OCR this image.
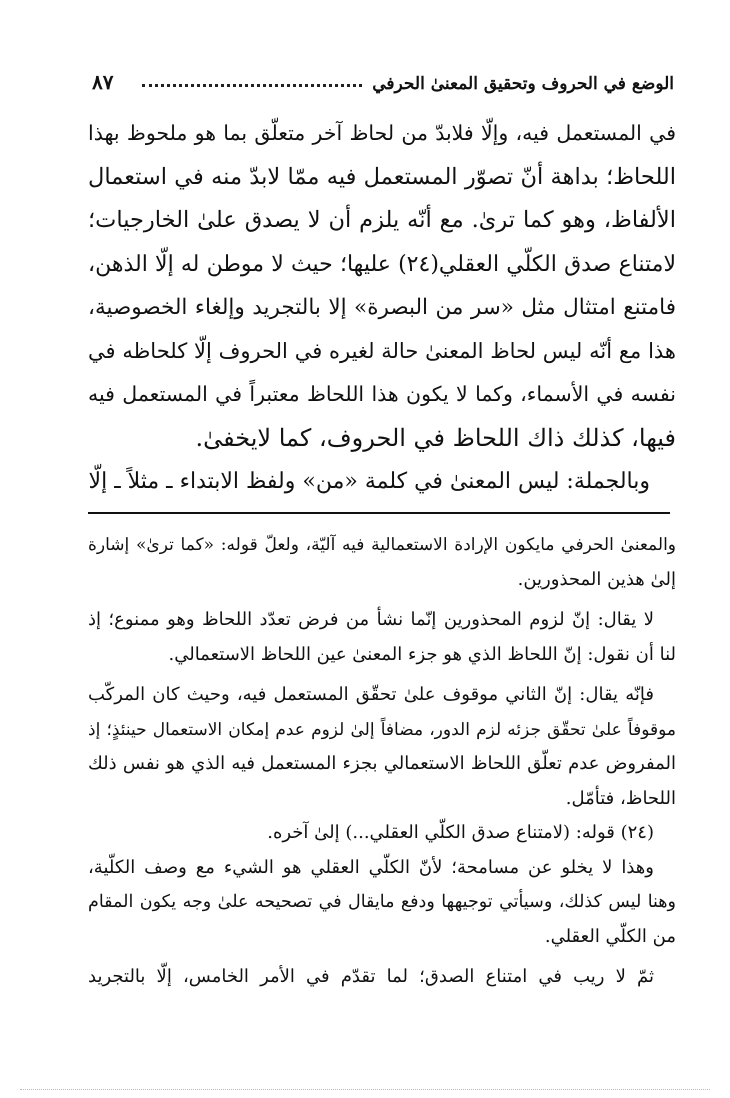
٨٧	الوضع في الحروف وتحقيق المعنىٰ الحرفي
في المستعمل فيه، وإلّا فلابدّ من لحاظ آخر متعلّق بما هو ملحوظ بهذا
اللحاظ؛ بداهة أنّ تصوّر المستعمل فيه ممّا لابدّ منه في استعمال
الألفاظ، وهو كما ترىٰ. مع أنّه يلزم أن لا يصدق علىٰ الخارجيات؛
لامتناع صدق الكلّي العقلي(٢٤) عليها؛ حيث لا موطن له إلّا الذهن،
فامتنع امتثال مثل «سر من البصرة» إلا بالتجريد وإلغاء الخصوصية،
هذا مع أنّه ليس لحاظ المعنىٰ حالة لغيره في الحروف إلّا كلحاظه في
نفسه في الأسماء، وكما لا يكون هذا اللحاظ معتبراً في المستعمل فيه
فيها، كذلك ذاك اللحاظ في الحروف، كما لايخفىٰ.
وبالجملة: ليس المعنىٰ في كلمة «من» ولفظ الابتداء ـ مثلاً ـ إلّا
والمعنىٰ الحرفي مايكون الإرادة الاستعمالية فيه آليّة، ولعلّ قوله: «كما ترىٰ» إشارة
إلىٰ هذين المحذورين.
لا يقال: إنّ لزوم المحذورين إنّما نشأ من فرض تعدّد اللحاظ وهو ممنوع؛ إذ
لنا أن نقول: إنّ اللحاظ الذي هو جزء المعنىٰ عين اللحاظ الاستعمالي.
فإنّه يقال: إنّ الثاني موقوف علىٰ تحقّق المستعمل فيه، وحيث كان المركّب
موقوفاً علىٰ تحقّق جزئه لزم الدور، مضافاً إلىٰ لزوم عدم إمكان الاستعمال حينئذٍ؛ إذ
المفروض عدم تعلّق اللحاظ الاستعمالي بجزء المستعمل فيه الذي هو نفس ذلك
اللحاظ، فتأمّل.
(٢٤) قوله: (لامتناع صدق الكلّي العقلي...) إلىٰ آخره.
وهذا لا يخلو عن مسامحة؛ لأنّ الكلّي العقلي هو الشيء مع وصف الكلّية،
وهنا ليس كذلك، وسيأتي توجيهها ودفع مايقال في تصحيحه علىٰ وجه يكون المقام
من الكلّي العقلي.
ثمّ لا ريب في امتناع الصدق؛ لما تقدّم في الأمر الخامس، إلّا بالتجريد
